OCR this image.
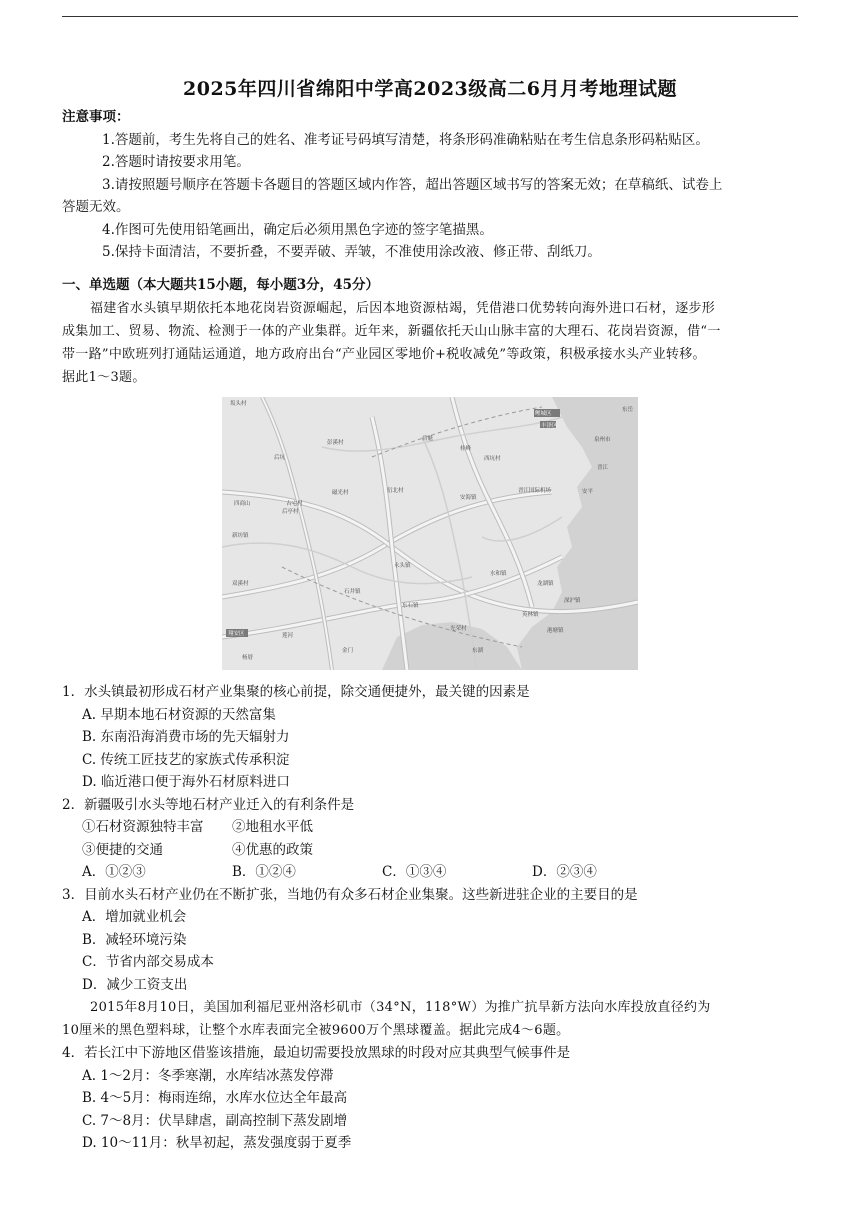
2025年四川省绵阳中学高2023级高二6月月考地理试题
注意事项：
1.答题前，考生先将自己的姓名、准考证号码填写清楚，将条形码准确粘贴在考生信息条形码粘贴区。
2.答题时请按要求用笔。
3.请按照题号顺序在答题卡各题目的答题区域内作答，超出答题区域书写的答案无效；在草稿纸、试卷上
答题无效。
4.作图可先使用铅笔画出，确定后必须用黑色字迹的签字笔描黑。
5.保持卡面清洁，不要折叠，不要弄破、弄皱，不准使用涂改液、修正带、刮纸刀。
一、单选题（本大题共15小题，每小题3分，45分）
福建省水头镇早期依托本地花岗岩资源崛起，后因本地资源枯竭，凭借港口优势转向海外进口石材，逐步形
成集加工、贸易、物流、检测于一体的产业集群。近年来，新疆依托天山山脉丰富的大理石、花岗岩资源，借“一
带一路”中欧班列打通陆运通道，地方政府出台“产业园区零地价+税收减免”等政策，积极承接水头产业转移。
据此1～3题。
坂头村
彭溪村
后魁
桂峰
鲤城区
丰泽区
东岳
泉州市
后坑
晋江
安平
西坑村
安海镇
晋江国际机场
四商山	古宅村
后亭村
磁光村
新坊镇
衍北村
永头镇
东石镇
水和镇
深沪镇
双溪村
石井镇
英林镇
光荣村
龙湖镇
港塘镇
翔安区	莲河
金门	东湖
杨厝
1．水头镇最初形成石材产业集聚的核心前提，除交通便捷外，最关键的因素是
A. 早期本地石材资源的天然富集
B. 东南沿海消费市场的先天辐射力
C. 传统工匠技艺的家族式传承积淀
D. 临近港口便于海外石材原料进口
2．新疆吸引水头等地石材产业迁入的有利条件是
①石材资源独特丰富	②地租水平低
③便捷的交通	④优惠的政策
A．①②③	B．①②④	C．①③④	D．②③④
3．目前水头石材产业仍在不断扩张，当地仍有众多石材企业集聚。这些新进驻企业的主要目的是
A．增加就业机会
B．减轻环境污染
C．节省内部交易成本
D．减少工资支出
2015年8月10日，美国加利福尼亚州洛杉矶市（34°N，118°W）为推广抗旱新方法向水库投放直径约为
10厘米的黑色塑料球，让整个水库表面完全被9600万个黑球覆盖。据此完成4～6题。
4．若长江中下游地区借鉴该措施，最迫切需要投放黑球的时段对应其典型气候事件是
A. 1～2月：冬季寒潮，水库结冰蒸发停滞
B. 4～5月：梅雨连绵，水库水位达全年最高
C. 7～8月：伏旱肆虐，副高控制下蒸发剧增
D. 10～11月：秋旱初起，蒸发强度弱于夏季
